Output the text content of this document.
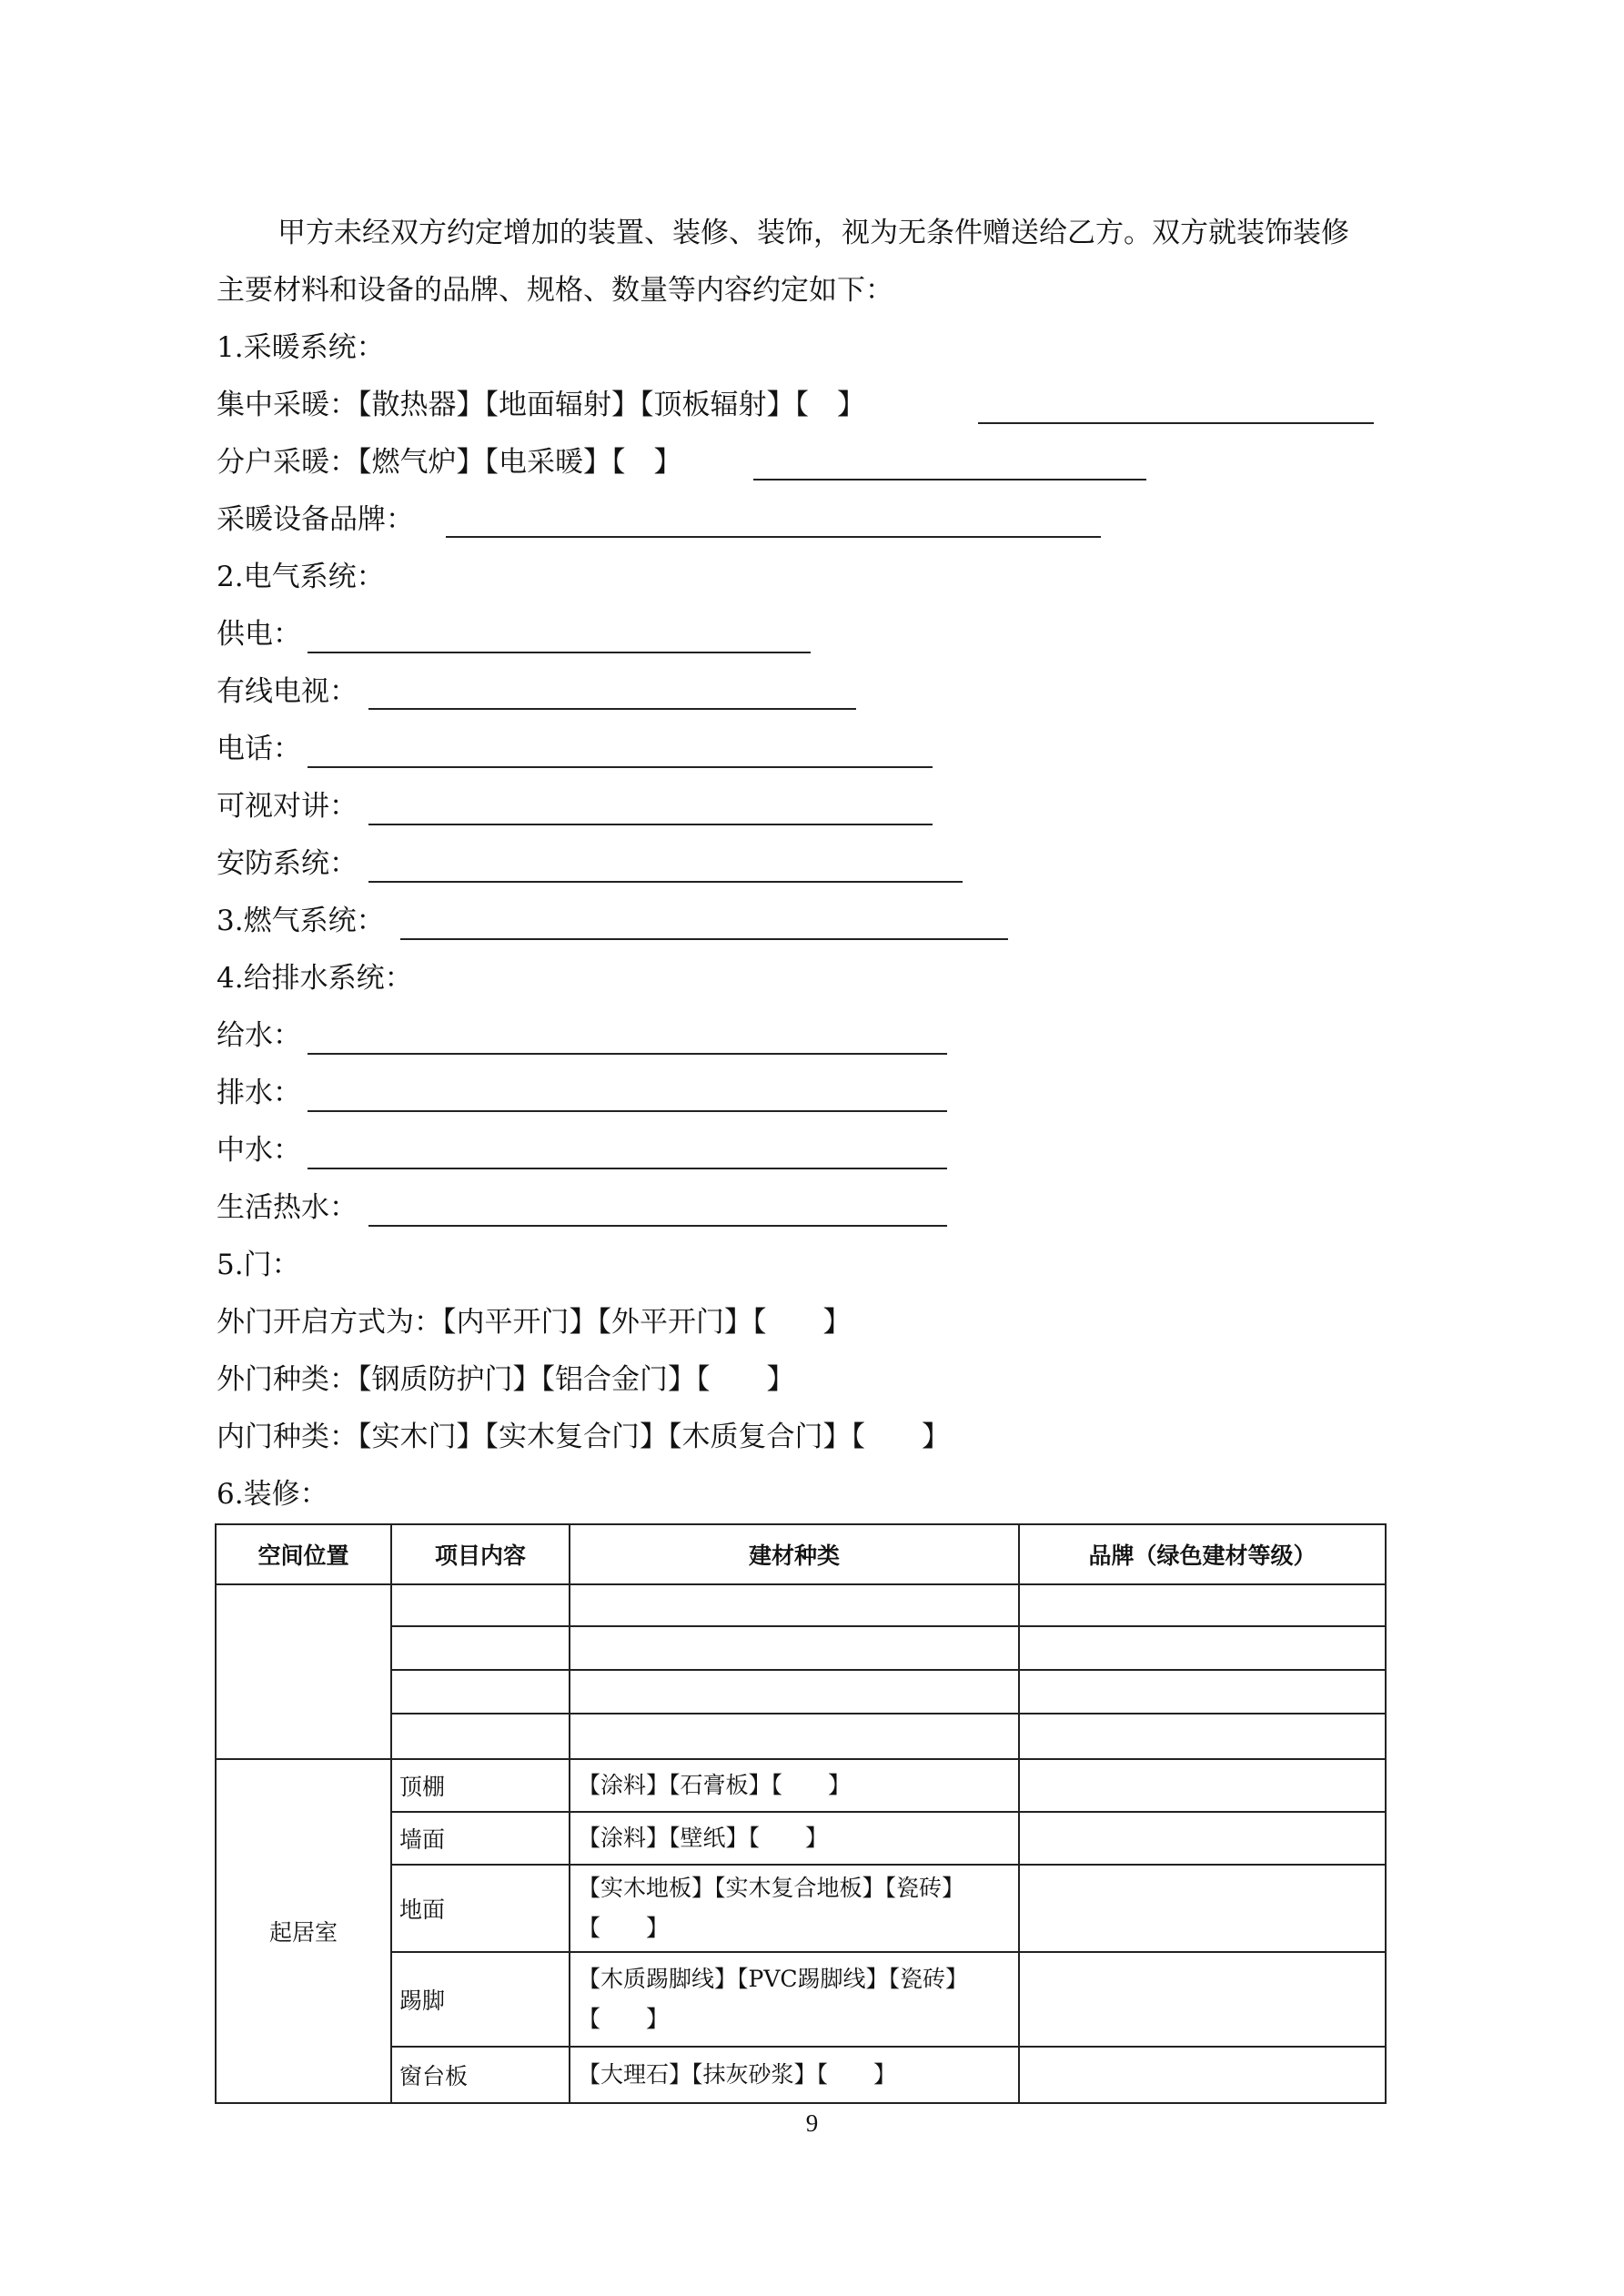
甲方未经双方约定增加的装置、装修、装饰，视为无条件赠送给乙方。双方就装饰装修
主要材料和设备的品牌、规格、数量等内容约定如下：
1.采暖系统：
集中采暖：【散热器】【地面辐射】【顶板辐射】【　】
分户采暖：【燃气炉】【电采暖】【　】
采暖设备品牌：
2.电气系统：
供电：
有线电视：
电话：
可视对讲：
安防系统：
3.燃气系统：
4.给排水系统：
给水：
排水：
中水：
生活热水：
5.门：
外门开启方式为：【内平开门】【外平开门】【　　】
外门种类：【钢质防护门】【铝合金门】【　　】
内门种类：【实木门】【实木复合门】【木质复合门】【　　】
6.装修：
空间位置	项目内容	建材种类	品牌（绿色建材等级）

起居室	顶棚	【涂料】【石膏板】【　　】	
	墙面	【涂料】【壁纸】【　　】	
	地面	【实木地板】【实木复合地板】【瓷砖】【　　】	
	踢脚	【木质踢脚线】【PVC踢脚线】【瓷砖】【　　】	
	窗台板	【大理石】【抹灰砂浆】【　　】	
9
